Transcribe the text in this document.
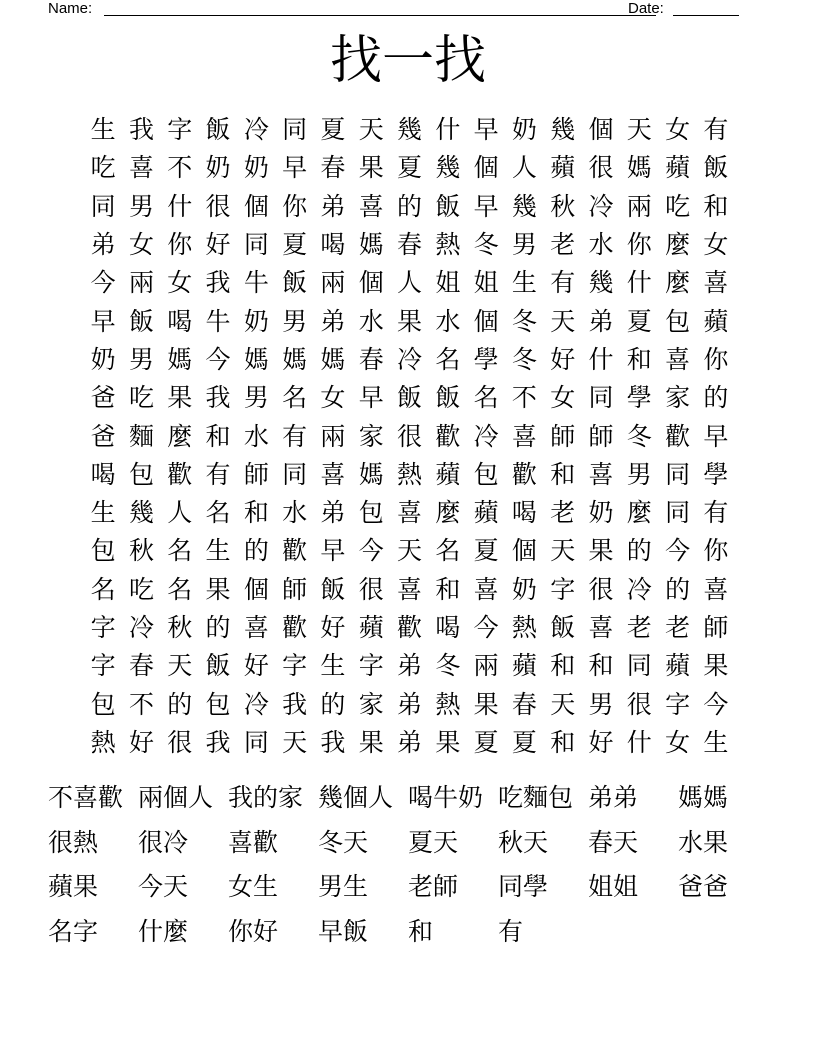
Name:	Date:
找一找
生 我 字 飯 冷 同 夏 天 幾 什 早 奶 幾 個 天 女 有
吃 喜 不 奶 奶 早 春 果 夏 幾 個 人 蘋 很 媽 蘋 飯
同 男 什 很 個 你 弟 喜 的 飯 早 幾 秋 冷 兩 吃 和
弟 女 你 好 同 夏 喝 媽 春 熱 冬 男 老 水 你 麼 女
今 兩 女 我 牛 飯 兩 個 人 姐 姐 生 有 幾 什 麼 喜
早 飯 喝 牛 奶 男 弟 水 果 水 個 冬 天 弟 夏 包 蘋
奶 男 媽 今 媽 媽 媽 春 冷 名 學 冬 好 什 和 喜 你
爸 吃 果 我 男 名 女 早 飯 飯 名 不 女 同 學 家 的
爸 麵 麼 和 水 有 兩 家 很 歡 冷 喜 師 師 冬 歡 早
喝 包 歡 有 師 同 喜 媽 熱 蘋 包 歡 和 喜 男 同 學
生 幾 人 名 和 水 弟 包 喜 麼 蘋 喝 老 奶 麼 同 有
包 秋 名 生 的 歡 早 今 天 名 夏 個 天 果 的 今 你
名 吃 名 果 個 師 飯 很 喜 和 喜 奶 字 很 冷 的 喜
字 冷 秋 的 喜 歡 好 蘋 歡 喝 今 熱 飯 喜 老 老 師
字 春 天 飯 好 字 生 字 弟 冬 兩 蘋 和 和 同 蘋 果
包 不 的 包 冷 我 的 家 弟 熱 果 春 天 男 很 字 今
熱 好 很 我 同 天 我 果 弟 果 夏 夏 和 好 什 女 生
不喜歡 兩個人 我的家 幾個人 喝牛奶 吃麵包 弟弟	媽媽
很熱	很冷	喜歡	冬天	夏天	秋天	春天	水果
蘋果	今天	女生	男生	老師	同學	姐姐	爸爸
名字	什麼	你好	早飯	和	有
